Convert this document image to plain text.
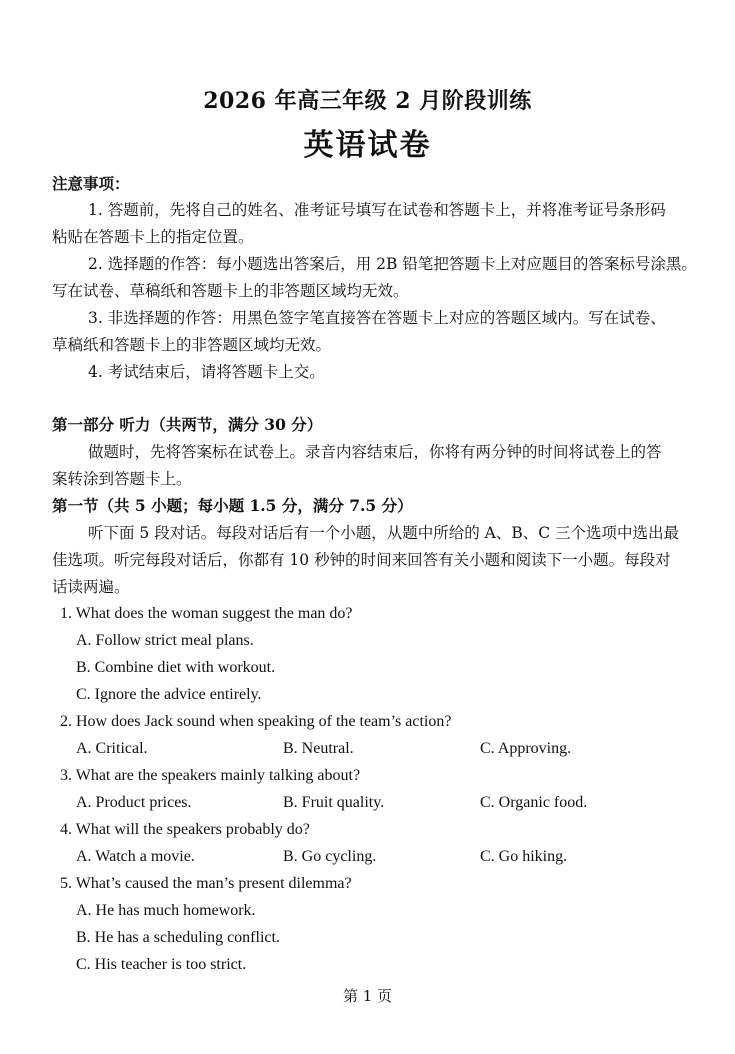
2026 年高三年级 2 月阶段训练
英语试卷
注意事项：
1. 答题前，先将自己的姓名、准考证号填写在试卷和答题卡上，并将准考证号条形码
粘贴在答题卡上的指定位置。
2. 选择题的作答：每小题选出答案后，用 2B 铅笔把答题卡上对应题目的答案标号涂黑。
写在试卷、草稿纸和答题卡上的非答题区域均无效。
3. 非选择题的作答：用黑色签字笔直接答在答题卡上对应的答题区域内。写在试卷、
草稿纸和答题卡上的非答题区域均无效。
4. 考试结束后，请将答题卡上交。
第一部分 听力（共两节，满分 30 分）
做题时，先将答案标在试卷上。录音内容结束后，你将有两分钟的时间将试卷上的答
案转涂到答题卡上。
第一节（共 5 小题；每小题 1.5 分，满分 7.5 分）
听下面 5 段对话。每段对话后有一个小题，从题中所给的 A、B、C 三个选项中选出最
佳选项。听完每段对话后，你都有 10 秒钟的时间来回答有关小题和阅读下一小题。每段对
话读两遍。
1. What does the woman suggest the man do?
A. Follow strict meal plans.
B. Combine diet with workout.
C. Ignore the advice entirely.
2. How does Jack sound when speaking of the team’s action?
A. Critical.	B. Neutral.	C. Approving.
3. What are the speakers mainly talking about?
A. Product prices.	B. Fruit quality.	C. Organic food.
4. What will the speakers probably do?
A. Watch a movie.	B. Go cycling.	C. Go hiking.
5. What’s caused the man’s present dilemma?
A. He has much homework.
B. He has a scheduling conflict.
C. His teacher is too strict.
第 1 页
